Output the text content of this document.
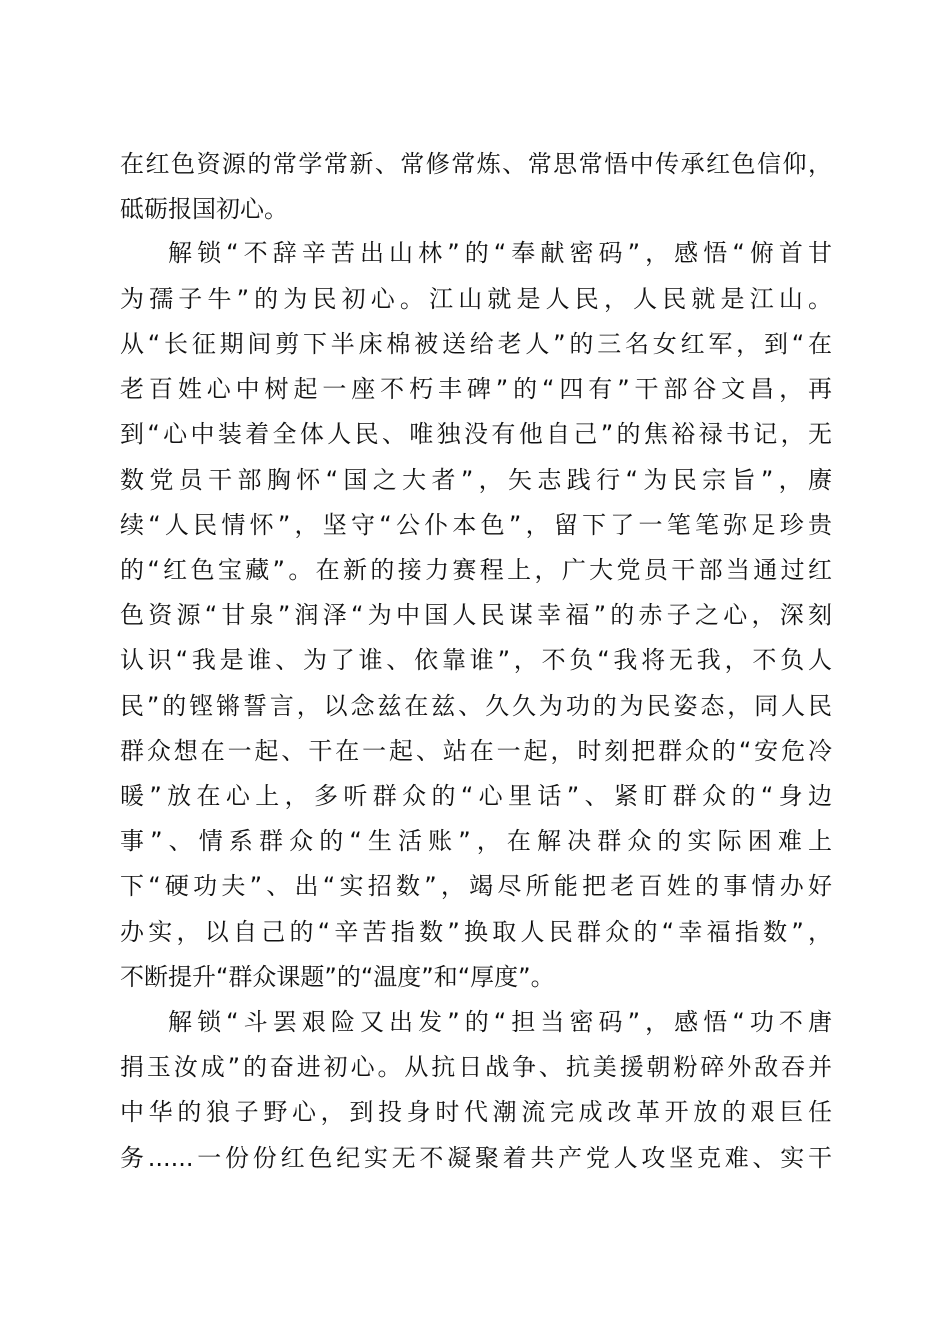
在红色资源的常学常新、常修常炼、常思常悟中传承红色信仰，
砥砺报国初心。
解锁“不辞辛苦出山林”的“奉献密码”，感悟“俯首甘
为孺子牛”的为民初心。江山就是人民，人民就是江山。
从“长征期间剪下半床棉被送给老人”的三名女红军，到“在
老百姓心中树起一座不朽丰碑”的“四有”干部谷文昌，再
到“心中装着全体人民、唯独没有他自己”的焦裕禄书记，无
数党员干部胸怀“国之大者”，矢志践行“为民宗旨”，赓
续“人民情怀”，坚守“公仆本色”，留下了一笔笔弥足珍贵
的“红色宝藏”。在新的接力赛程上，广大党员干部当通过红
色资源“甘泉”润泽“为中国人民谋幸福”的赤子之心，深刻
认识“我是谁、为了谁、依靠谁”，不负“我将无我，不负人
民”的铿锵誓言，以念兹在兹、久久为功的为民姿态，同人民
群众想在一起、干在一起、站在一起，时刻把群众的“安危冷
暖”放在心上，多听群众的“心里话”、紧盯群众的“身边
事”、情系群众的“生活账”，在解决群众的实际困难上
下“硬功夫”、出“实招数”，竭尽所能把老百姓的事情办好
办实，以自己的“辛苦指数”换取人民群众的“幸福指数”，
不断提升“群众课题”的“温度”和“厚度”。
解锁“斗罢艰险又出发”的“担当密码”，感悟“功不唐
捐玉汝成”的奋进初心。从抗日战争、抗美援朝粉碎外敌吞并
中华的狼子野心，到投身时代潮流完成改革开放的艰巨任
务......一份份红色纪实无不凝聚着共产党人攻坚克难、实干
